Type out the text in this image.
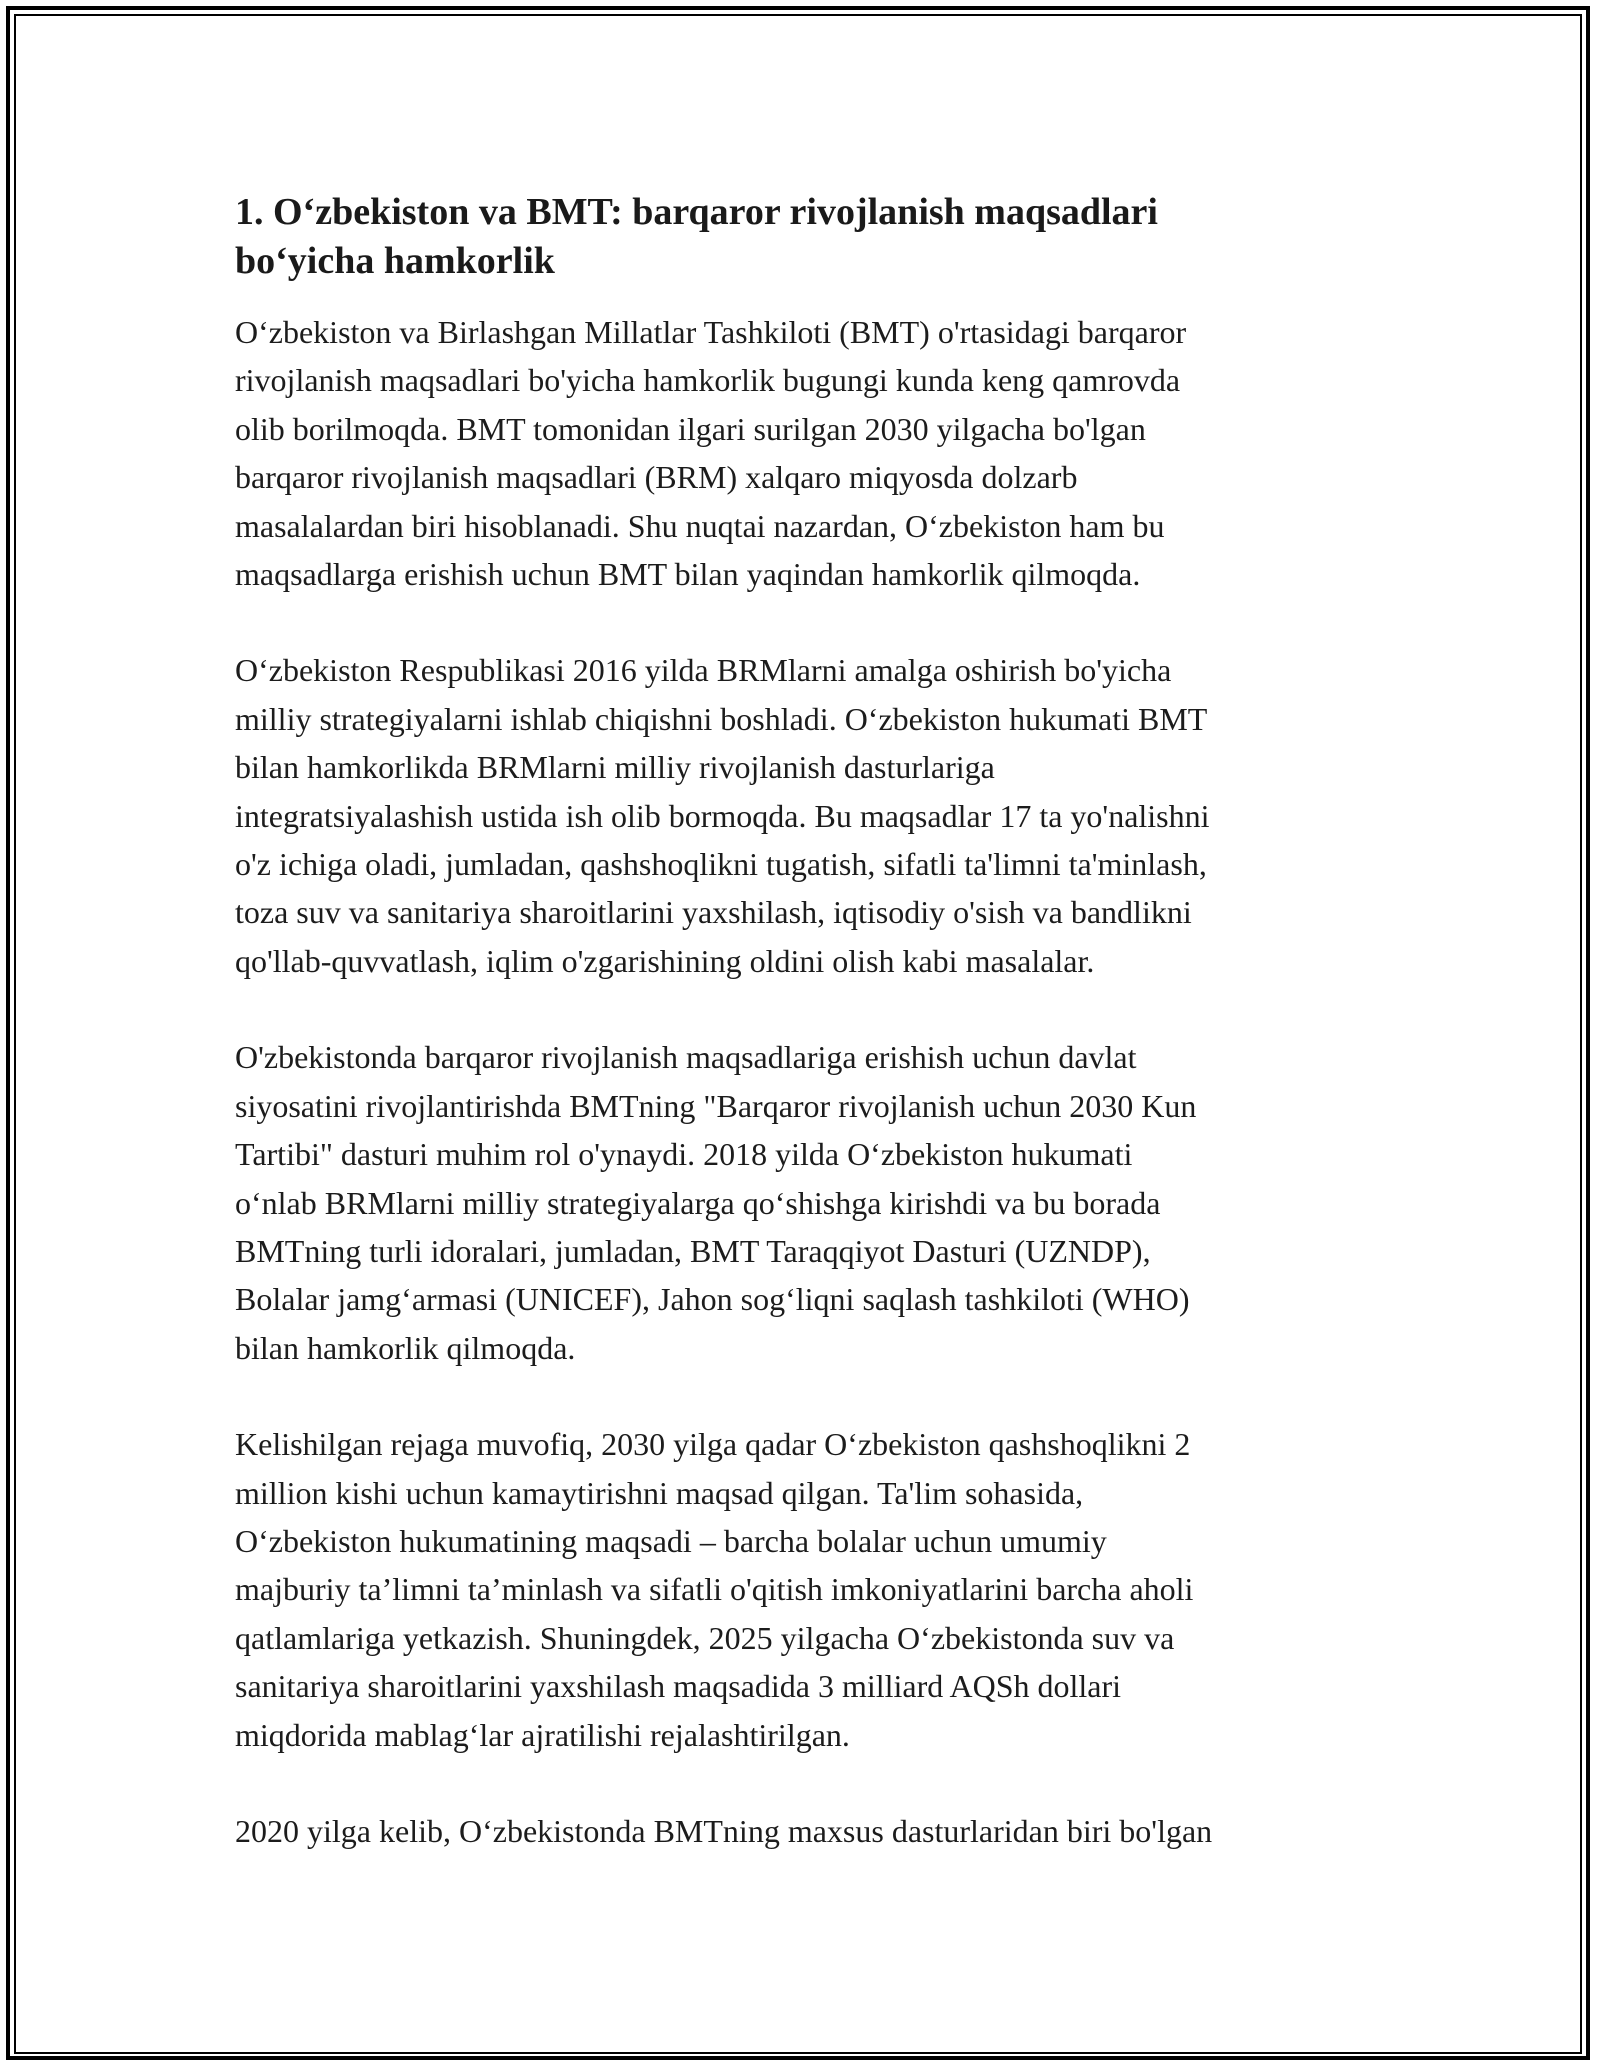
1. O‘zbekiston va BMT: barqaror rivojlanish maqsadlari
bo‘yicha hamkorlik

O‘zbekiston va Birlashgan Millatlar Tashkiloti (BMT) o'rtasidagi barqaror
rivojlanish maqsadlari bo'yicha hamkorlik bugungi kunda keng qamrovda
olib borilmoqda. BMT tomonidan ilgari surilgan 2030 yilgacha bo'lgan
barqaror rivojlanish maqsadlari (BRM) xalqaro miqyosda dolzarb
masalalardan biri hisoblanadi. Shu nuqtai nazardan, O‘zbekiston ham bu
maqsadlarga erishish uchun BMT bilan yaqindan hamkorlik qilmoqda.

O‘zbekiston Respublikasi 2016 yilda BRMlarni amalga oshirish bo'yicha
milliy strategiyalarni ishlab chiqishni boshladi. O‘zbekiston hukumati BMT
bilan hamkorlikda BRMlarni milliy rivojlanish dasturlariga
integratsiyalashish ustida ish olib bormoqda. Bu maqsadlar 17 ta yo'nalishni
o'z ichiga oladi, jumladan, qashshoqlikni tugatish, sifatli ta'limni ta'minlash,
toza suv va sanitariya sharoitlarini yaxshilash, iqtisodiy o'sish va bandlikni
qo'llab-quvvatlash, iqlim o'zgarishining oldini olish kabi masalalar.

O'zbekistonda barqaror rivojlanish maqsadlariga erishish uchun davlat
siyosatini rivojlantirishda BMTning "Barqaror rivojlanish uchun 2030 Kun
Tartibi" dasturi muhim rol o'ynaydi. 2018 yilda O‘zbekiston hukumati
o‘nlab BRMlarni milliy strategiyalarga qo‘shishga kirishdi va bu borada
BMTning turli idoralari, jumladan, BMT Taraqqiyot Dasturi (UZNDP),
Bolalar jamg‘armasi (UNICEF), Jahon sog‘liqni saqlash tashkiloti (WHO)
bilan hamkorlik qilmoqda.

Kelishilgan rejaga muvofiq, 2030 yilga qadar O‘zbekiston qashshoqlikni 2
million kishi uchun kamaytirishni maqsad qilgan. Ta'lim sohasida,
O‘zbekiston hukumatining maqsadi – barcha bolalar uchun umumiy
majburiy ta’limni ta’minlash va sifatli o'qitish imkoniyatlarini barcha aholi
qatlamlariga yetkazish. Shuningdek, 2025 yilgacha O‘zbekistonda suv va
sanitariya sharoitlarini yaxshilash maqsadida 3 milliard AQSh dollari
miqdorida mablag‘lar ajratilishi rejalashtirilgan.

2020 yilga kelib, O‘zbekistonda BMTning maxsus dasturlaridan biri bo'lgan
